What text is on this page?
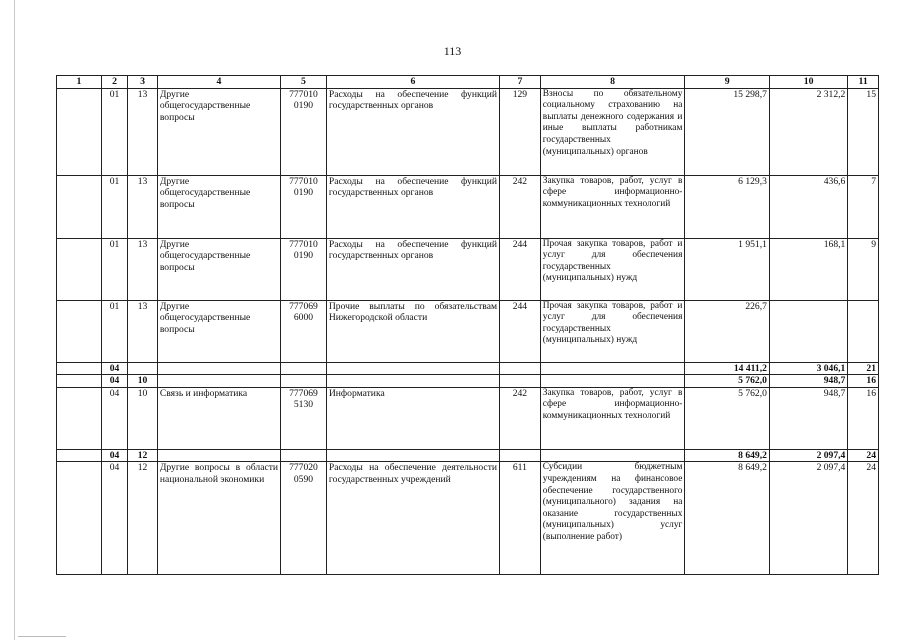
113
1	2	3	4	5	6	7	8	9	10	11
	01	13	Другие общегосударственные вопросы	777010 0190	Расходы на обеспечение функций государственных органов	129	Взносы по обязательному социальному страхованию на выплаты денежного содержания и иные выплаты работникам государственных (муниципальных) органов	15 298,7	2 312,2	15
	01	13	Другие общегосударственные вопросы	777010 0190	Расходы на обеспечение функций государственных органов	242	Закупка товаров, работ, услуг в сфере информационно-коммуникационных технологий	6 129,3	436,6	7
	01	13	Другие общегосударственные вопросы	777010 0190	Расходы на обеспечение функций государственных органов	244	Прочая закупка товаров, работ и услуг для обеспечения государственных (муниципальных) нужд	1 951,1	168,1	9
	01	13	Другие общегосударственные вопросы	777069 6000	Прочие выплаты по обязательствам Нижегородской области	244	Прочая закупка товаров, работ и услуг для обеспечения государственных (муниципальных) нужд	226,7		
	04							14 411,2	3 046,1	21
	04	10						5 762,0	948,7	16
	04	10	Связь и информатика	777069 5130	Информатика	242	Закупка товаров, работ, услуг в сфере информационно-коммуникационных технологий	5 762,0	948,7	16
	04	12						8 649,2	2 097,4	24
	04	12	Другие вопросы в области национальной экономики	777020 0590	Расходы на обеспечение деятельности государственных учреждений	611	Субсидии бюджетным учреждениям на финансовое обеспечение государственного (муниципального) задания на оказание государственных (муниципальных) услуг (выполнение работ)	8 649,2	2 097,4	24
